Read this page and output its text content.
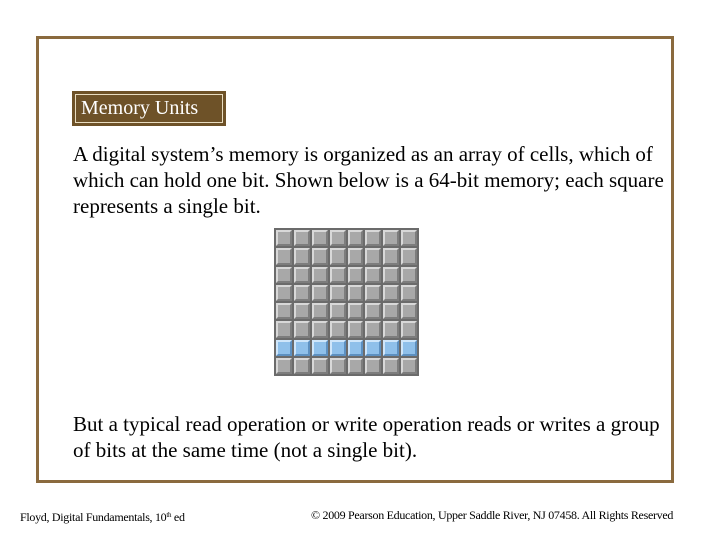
Memory Units
A digital system’s memory is organized as an array of cells, which of which can hold one bit. Shown below is a 64-bit memory; each square represents a single bit.
But a typical read operation or write operation reads or writes a group of bits at the same time (not a single bit).
Floyd, Digital Fundamentals, 10th ed	© 2009 Pearson Education, Upper Saddle River, NJ 07458. All Rights Reserved
